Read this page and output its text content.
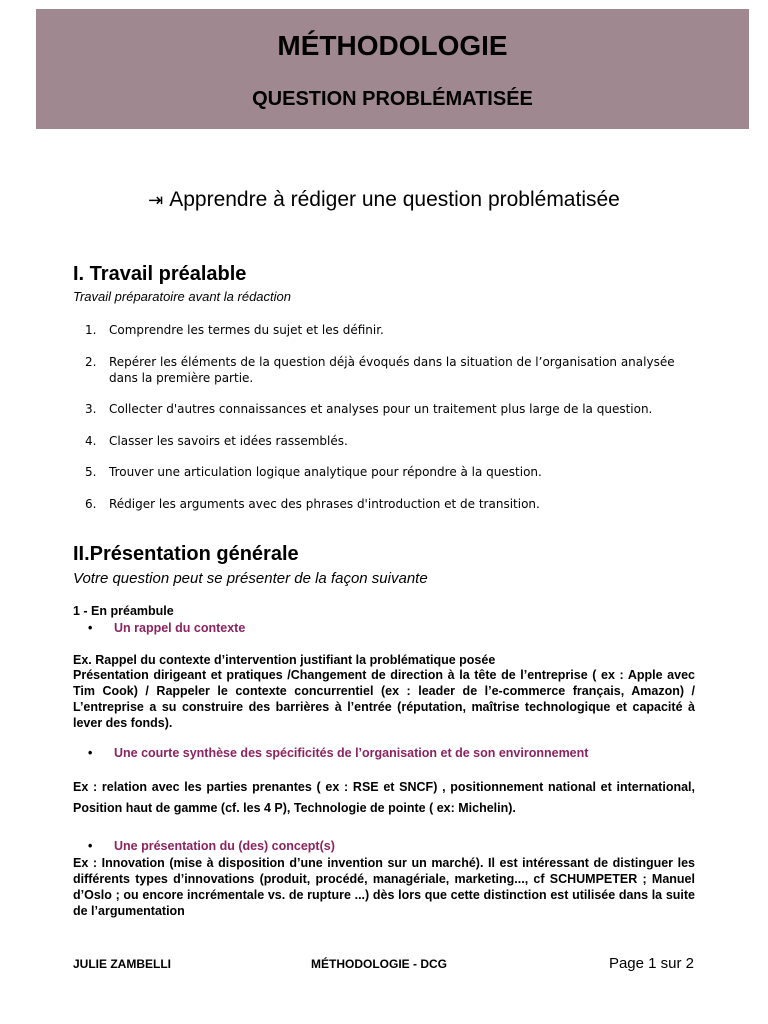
MÉTHODOLOGIE
QUESTION PROBLÉMATISÉE
⇥ Apprendre à rédiger une question problématisée
I. Travail préalable
Travail préparatoire avant la rédaction
1. Comprendre les termes du sujet et les définir.
2. Repérer les éléments de la question déjà évoqués dans la situation de l’organisation analysée dans la première partie.
3. Collecter d'autres connaissances et analyses pour un traitement plus large de la question.
4. Classer les savoirs et idées rassemblés.
5. Trouver une articulation logique analytique pour répondre à la question.
6. Rédiger les arguments avec des phrases d'introduction et de transition.
II.Présentation générale
Votre question peut se présenter de la façon suivante
1 - En préambule
• Un rappel du contexte
Ex. Rappel du contexte d’intervention justifiant la problématique posée
Présentation dirigeant et pratiques /Changement de direction à la tête de l’entreprise ( ex : Apple avec Tim Cook) / Rappeler le contexte concurrentiel (ex : leader de l’e-commerce français, Amazon) / L’entreprise a su construire des barrières à l’entrée (réputation, maîtrise technologique et capacité à lever des fonds).
• Une courte synthèse des spécificités de l’organisation et de son environnement
Ex : relation avec les parties prenantes ( ex : RSE et SNCF) , positionnement national et international, Position haut de gamme (cf. les 4 P), Technologie de pointe ( ex: Michelin).
• Une présentation du (des) concept(s)
Ex : Innovation (mise à disposition d’une invention sur un marché). Il est intéressant de distinguer les différents types d’innovations (produit, procédé, managériale, marketing..., cf SCHUMPETER ; Manuel d’Oslo ; ou encore incrémentale vs. de rupture ...) dès lors que cette distinction est utilisée dans la suite de l’argumentation
JULIE ZAMBELLI	MÉTHODOLOGIE - DCG	Page 1 sur 2
